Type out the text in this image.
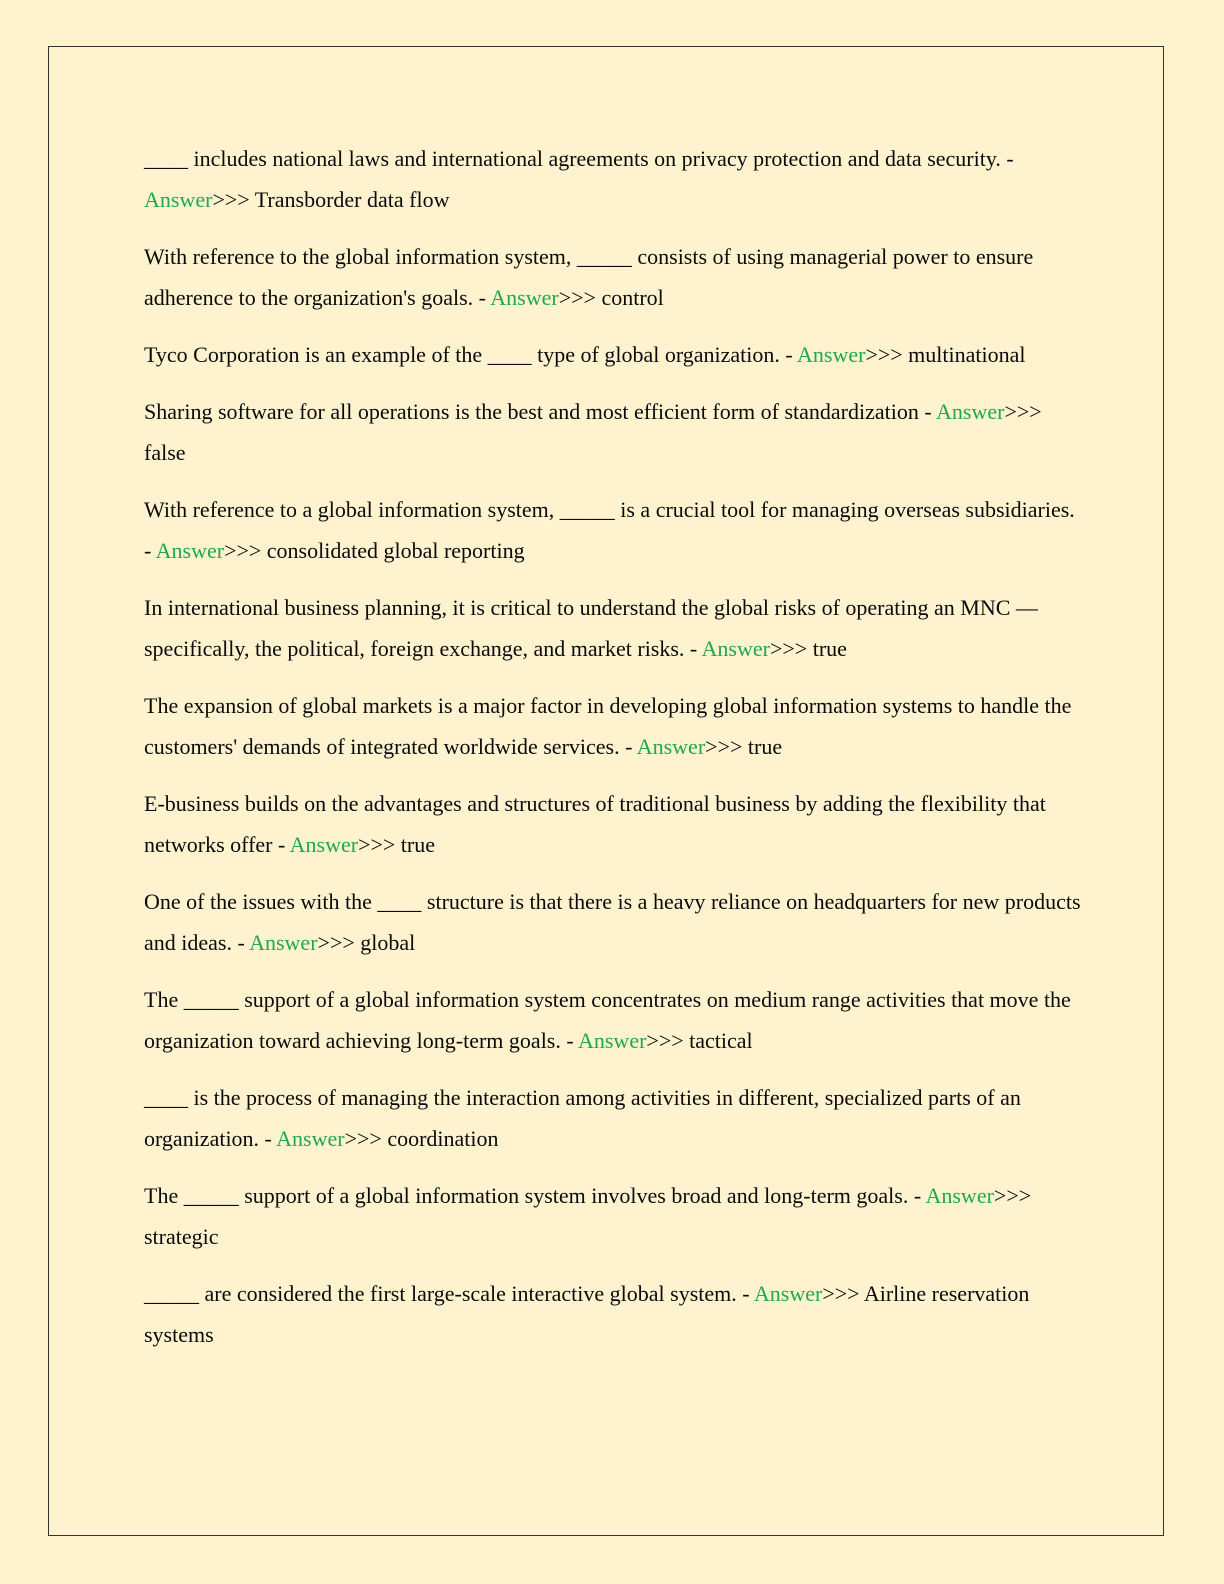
____ includes national laws and international agreements on privacy protection and data security. - Answer>>> Transborder data flow

With reference to the global information system, _____ consists of using managerial power to ensure adherence to the organization's goals. - Answer>>> control

Tyco Corporation is an example of the ____ type of global organization. - Answer>>> multinational

Sharing software for all operations is the best and most efficient form of standardization - Answer>>> false

With reference to a global information system, _____ is a crucial tool for managing overseas subsidiaries. - Answer>>> consolidated global reporting

In international business planning, it is critical to understand the global risks of operating an MNC — specifically, the political, foreign exchange, and market risks. - Answer>>> true

The expansion of global markets is a major factor in developing global information systems to handle the customers' demands of integrated worldwide services. - Answer>>> true

E-business builds on the advantages and structures of traditional business by adding the flexibility that networks offer - Answer>>> true

One of the issues with the ____ structure is that there is a heavy reliance on headquarters for new products and ideas. - Answer>>> global

The _____ support of a global information system concentrates on medium range activities that move the organization toward achieving long-term goals. - Answer>>> tactical

____ is the process of managing the interaction among activities in different, specialized parts of an organization. - Answer>>> coordination

The _____ support of a global information system involves broad and long-term goals. - Answer>>> strategic

_____ are considered the first large-scale interactive global system. - Answer>>> Airline reservation systems
